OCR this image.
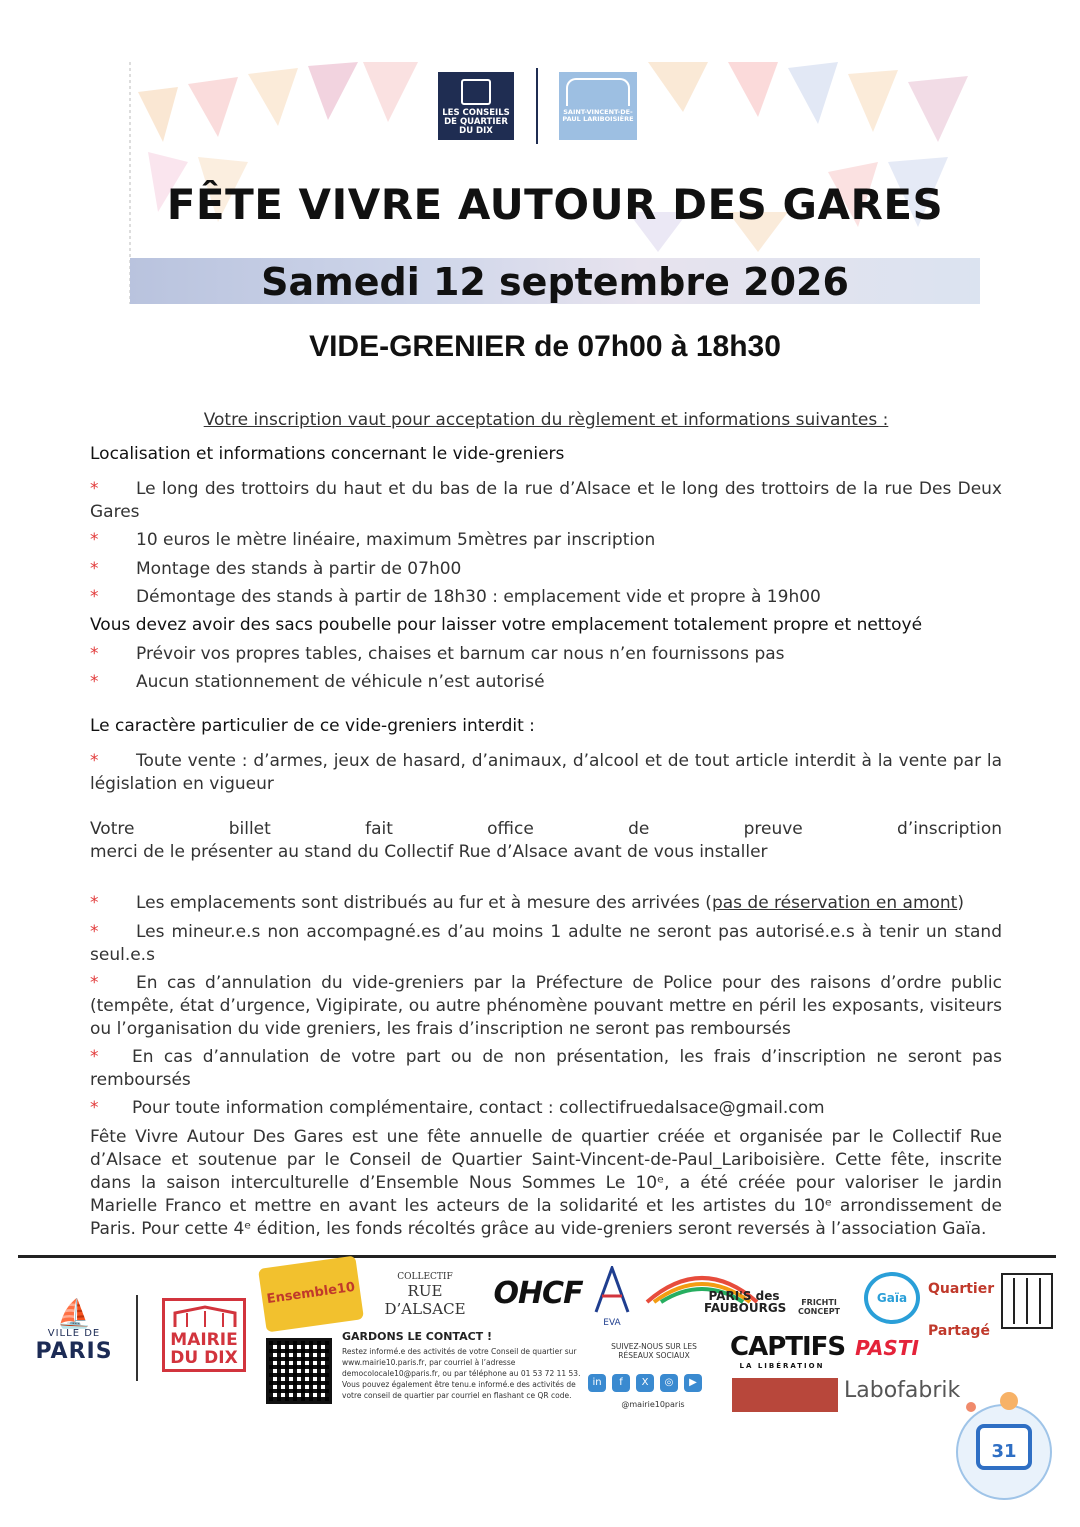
LES CONSEILS DE QUARTIER DU DIX
SAINT-VINCENT-DE-PAUL LARIBOISIÈRE
FÊTE VIVRE AUTOUR DES GARES
Samedi 12 septembre 2026
VIDE-GRENIER de 07h00 à 18h30
Votre inscription vaut pour acceptation du règlement et informations suivantes :
Localisation et informations concernant le vide-greniers
* Le long des trottoirs du haut et du bas de la rue d’Alsace et le long des trottoirs de la rue Des Deux Gares
* 10 euros le mètre linéaire, maximum 5mètres par inscription
* Montage des stands à partir de 07h00
* Démontage des stands à partir de 18h30 : emplacement vide et propre à 19h00
Vous devez avoir des sacs poubelle pour laisser votre emplacement totalement propre et nettoyé
* Prévoir vos propres tables, chaises et barnum car nous n’en fournissons pas
* Aucun stationnement de véhicule n’est autorisé
Le caractère particulier de ce vide-greniers interdit :
* Toute vente : d’armes, jeux de hasard, d’animaux, d’alcool et de tout article interdit à la vente par la législation en vigueur
Votre billet fait office de preuve d’inscription
merci de le présenter au stand du Collectif Rue d’Alsace avant de vous installer
* Les emplacements sont distribués au fur et à mesure des arrivées (pas de réservation en amont)
* Les mineur.e.s non accompagné.es d’au moins 1 adulte ne seront pas autorisé.e.s à tenir un stand seul.e.s
* En cas d’annulation du vide-greniers par la Préfecture de Police pour des raisons d’ordre public (tempête, état d’urgence, Vigipirate, ou autre phénomène pouvant mettre en péril les exposants, visiteurs ou l’organisation du vide greniers, les frais d’inscription ne seront pas remboursés
* En cas d’annulation de votre part ou de non présentation, les frais d’inscription ne seront pas remboursés
* Pour toute information complémentaire, contact : collectifruedalsace@gmail.com
Fête Vivre Autour Des Gares est une fête annuelle de quartier créée et organisée par le Collectif Rue d’Alsace et soutenue par le Conseil de Quartier Saint-Vincent-de-Paul_Lariboisière. Cette fête, inscrite dans la saison interculturelle d’Ensemble Nous Sommes Le 10ᵉ, a été créée pour valoriser le jardin Marielle Franco et mettre en avant les acteurs de la solidarité et les artistes du 10ᵉ arrondissement de Paris. Pour cette 4ᵉ édition, les fonds récoltés grâce au vide-greniers seront reversés à l’association Gaïa.
⛵
VILLE DE
PARIS	MAIRIE DU DIX
Ensemble10
COLLECTIF
RUE D’ALSACE OHCF
EVA
PARI'S des FAUBOURGS	FRICHTI CONCEPT
Gaïa
Quartier Partagé
GARDONS LE CONTACT !
Restez informé.e des activités de votre Conseil de quartier sur www.mairie10.paris.fr, par courriel à l’adresse democolocale10@paris.fr, ou par téléphone au 01 53 72 11 53. Vous pouvez également être tenu.e informé.e des activités de votre conseil de quartier par courriel en flashant ce QR code.
SUIVEZ-NOUS SUR LES RÉSEAUX SOCIAUX
in f X ◎ ▶
@mairie10paris
CAPTIFS
LA LIBÉRATION
PASTI
Labofabrik
31
